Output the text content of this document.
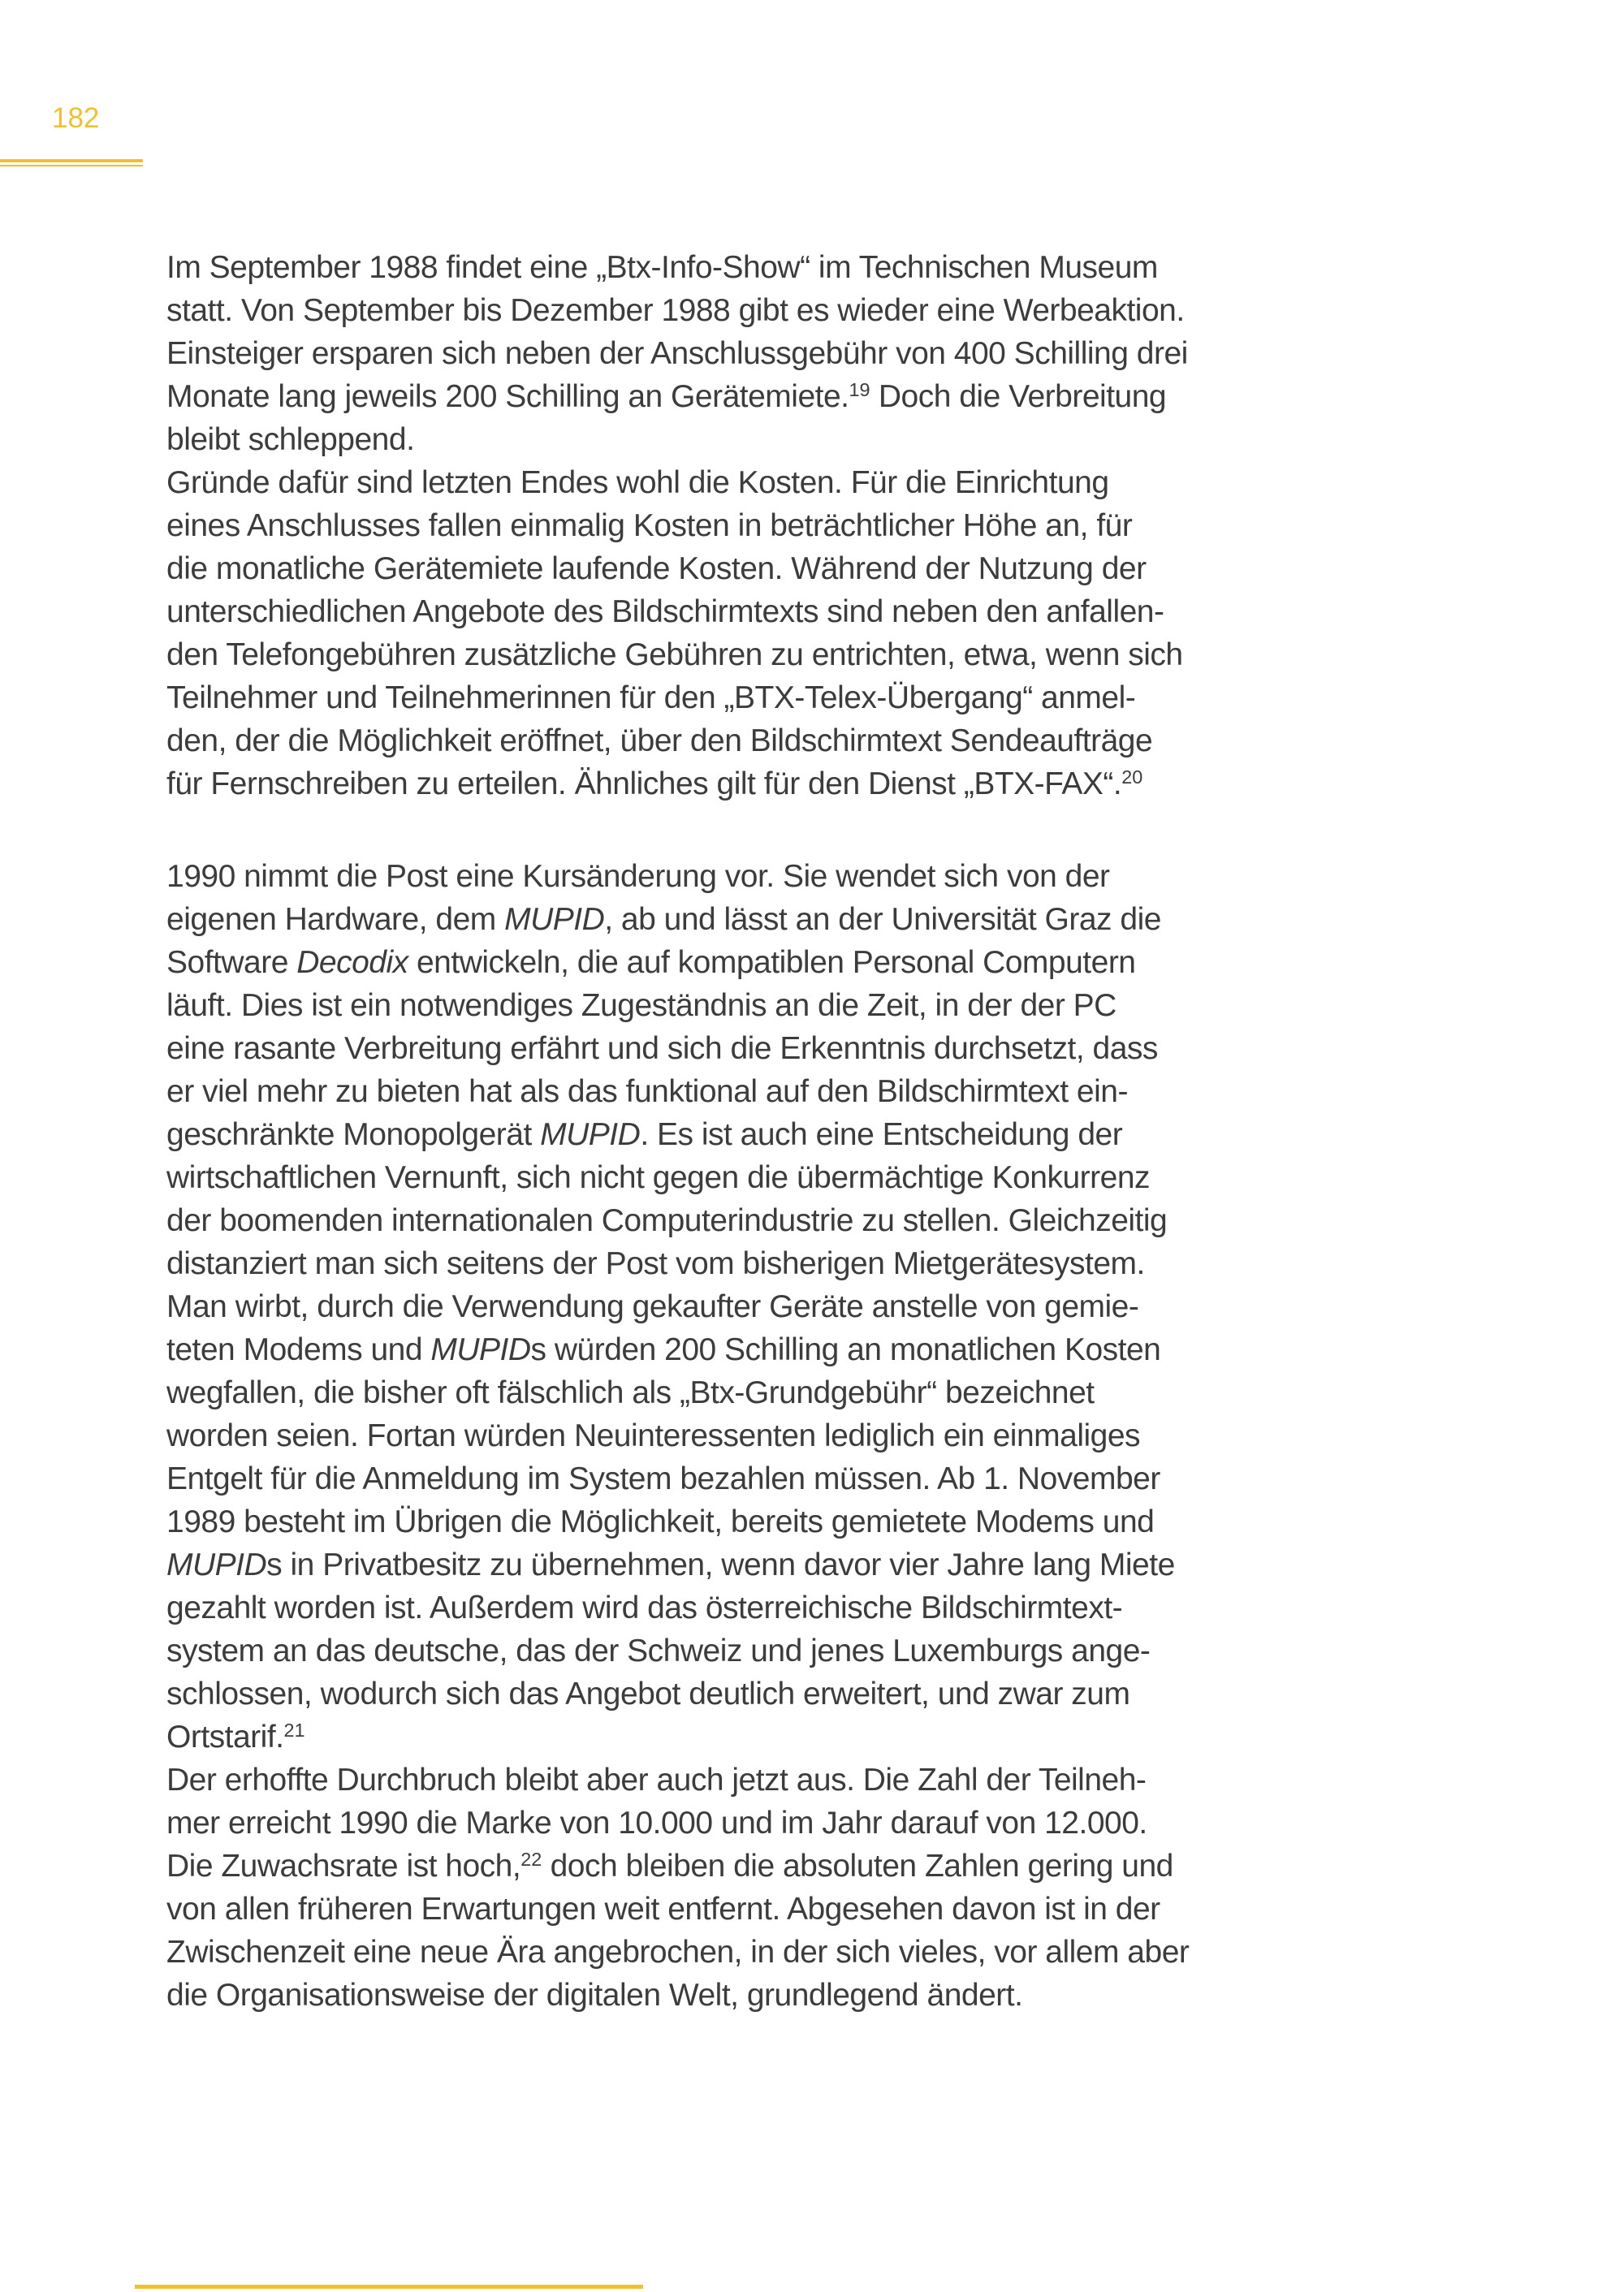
182
Im September 1988 findet eine „Btx-Info-Show“ im Technischen Museum
statt. Von September bis Dezember 1988 gibt es wieder eine Werbeaktion.
Einsteiger ersparen sich neben der Anschlussgebühr von 400 Schilling drei
Monate lang jeweils 200 Schilling an Gerätemiete.$^{19}$ Doch die Verbreitung
bleibt schleppend.
Gründe dafür sind letzten Endes wohl die Kosten. Für die Einrichtung
eines Anschlusses fallen einmalig Kosten in beträchtlicher Höhe an, für
die monatliche Gerätemiete laufende Kosten. Während der Nutzung der
unterschiedlichen Angebote des Bildschirmtexts sind neben den anfallen-
den Telefongebühren zusätzliche Gebühren zu entrichten, etwa, wenn sich
Teilnehmer und Teilnehmerinnen für den „BTX-Telex-Übergang“ anmel-
den, der die Möglichkeit eröffnet, über den Bildschirmtext Sendeaufträge
für Fernschreiben zu erteilen. Ähnliches gilt für den Dienst „BTX-FAX“.$^{20}$
1990 nimmt die Post eine Kursänderung vor. Sie wendet sich von der
eigenen Hardware, dem MUPID, ab und lässt an der Universität Graz die
Software Decodix entwickeln, die auf kompatiblen Personal Computern
läuft. Dies ist ein notwendiges Zugeständnis an die Zeit, in der der PC
eine rasante Verbreitung erfährt und sich die Erkenntnis durchsetzt, dass
er viel mehr zu bieten hat als das funktional auf den Bildschirmtext ein-
geschränkte Monopolgerät MUPID. Es ist auch eine Entscheidung der
wirtschaftlichen Vernunft, sich nicht gegen die übermächtige Konkurrenz
der boomenden internationalen Computerindustrie zu stellen. Gleichzeitig
distanziert man sich seitens der Post vom bisherigen Mietgerätesystem.
Man wirbt, durch die Verwendung gekaufter Geräte anstelle von gemie-
teten Modems und MUPIDs würden 200 Schilling an monatlichen Kosten
wegfallen, die bisher oft fälschlich als „Btx-Grundgebühr“ bezeichnet
worden seien. Fortan würden Neuinteressenten lediglich ein einmaliges
Entgelt für die Anmeldung im System bezahlen müssen. Ab 1. November
1989 besteht im Übrigen die Möglichkeit, bereits gemietete Modems und
MUPIDs in Privatbesitz zu übernehmen, wenn davor vier Jahre lang Miete
gezahlt worden ist. Außerdem wird das österreichische Bildschirmtext-
system an das deutsche, das der Schweiz und jenes Luxemburgs ange-
schlossen, wodurch sich das Angebot deutlich erweitert, und zwar zum
Ortstarif.$^{21}$
Der erhoffte Durchbruch bleibt aber auch jetzt aus. Die Zahl der Teilneh-
mer erreicht 1990 die Marke von 10.000 und im Jahr darauf von 12.000.
Die Zuwachsrate ist hoch,$^{22}$ doch bleiben die absoluten Zahlen gering und
von allen früheren Erwartungen weit entfernt. Abgesehen davon ist in der
Zwischenzeit eine neue Ära angebrochen, in der sich vieles, vor allem aber
die Organisationsweise der digitalen Welt, grundlegend ändert.
